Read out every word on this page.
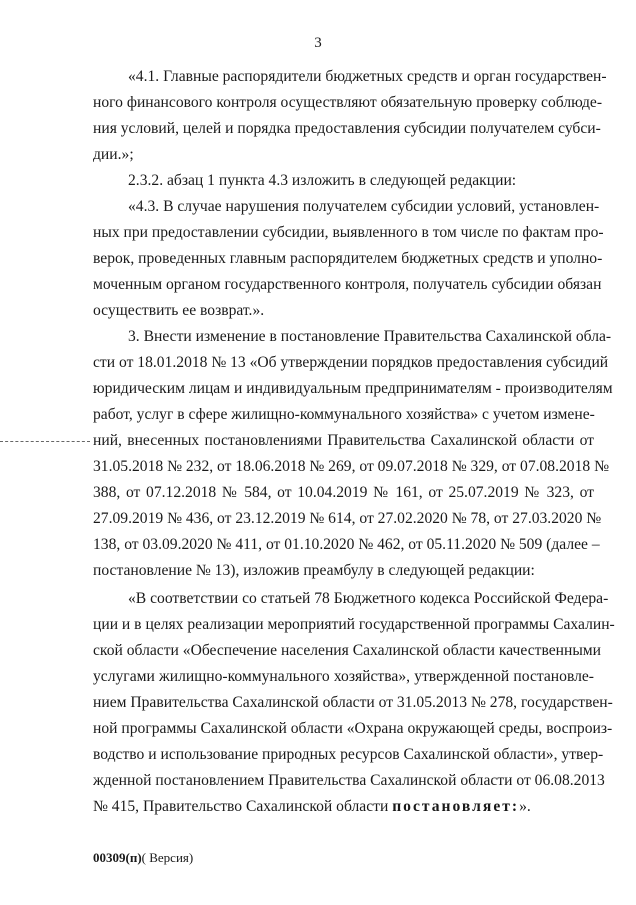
3
«4.1. Главные распорядители бюджетных средств и орган государствен-
ного финансового контроля осуществляют обязательную проверку соблюде-
ния условий, целей и порядка предоставления субсидии получателем субси-
дии.»;
2.3.2. абзац 1 пункта 4.3 изложить в следующей редакции:
«4.3. В случае нарушения получателем субсидии условий, установлен-
ных при предоставлении субсидии, выявленного в том числе по фактам про-
верок, проведенных главным распорядителем бюджетных средств и уполно-
моченным органом государственного контроля, получатель субсидии обязан
осуществить ее возврат.».
3. Внести изменение в постановление Правительства Сахалинской обла-
сти от 18.01.2018 № 13 «Об утверждении порядков предоставления субсидий
юридическим лицам и индивидуальным предпринимателям - производителям
работ, услуг в сфере жилищно-коммунального хозяйства» с учетом измене-
ний, внесенных постановлениями Правительства Сахалинской области от
31.05.2018 № 232, от 18.06.2018 № 269, от 09.07.2018 № 329, от 07.08.2018 №
388, от 07.12.2018 № 584, от 10.04.2019 № 161, от 25.07.2019 № 323, от
27.09.2019 № 436, от 23.12.2019 № 614, от 27.02.2020 № 78, от 27.03.2020 №
138, от 03.09.2020 № 411, от 01.10.2020 № 462, от 05.11.2020 № 509 (далее –
постановление № 13), изложив преамбулу в следующей редакции:
«В соответствии со статьей 78 Бюджетного кодекса Российской Федера-
ции и в целях реализации мероприятий государственной программы Сахалин-
ской области «Обеспечение населения Сахалинской области качественными
услугами жилищно-коммунального хозяйства», утвержденной постановле-
нием Правительства Сахалинской области от 31.05.2013 № 278, государствен-
ной программы Сахалинской области «Охрана окружающей среды, воспроиз-
водство и использование природных ресурсов Сахалинской области», утвер-
жденной постановлением Правительства Сахалинской области от 06.08.2013
№ 415, Правительство Сахалинской области постановляет:».
00309(п)( Версия)
